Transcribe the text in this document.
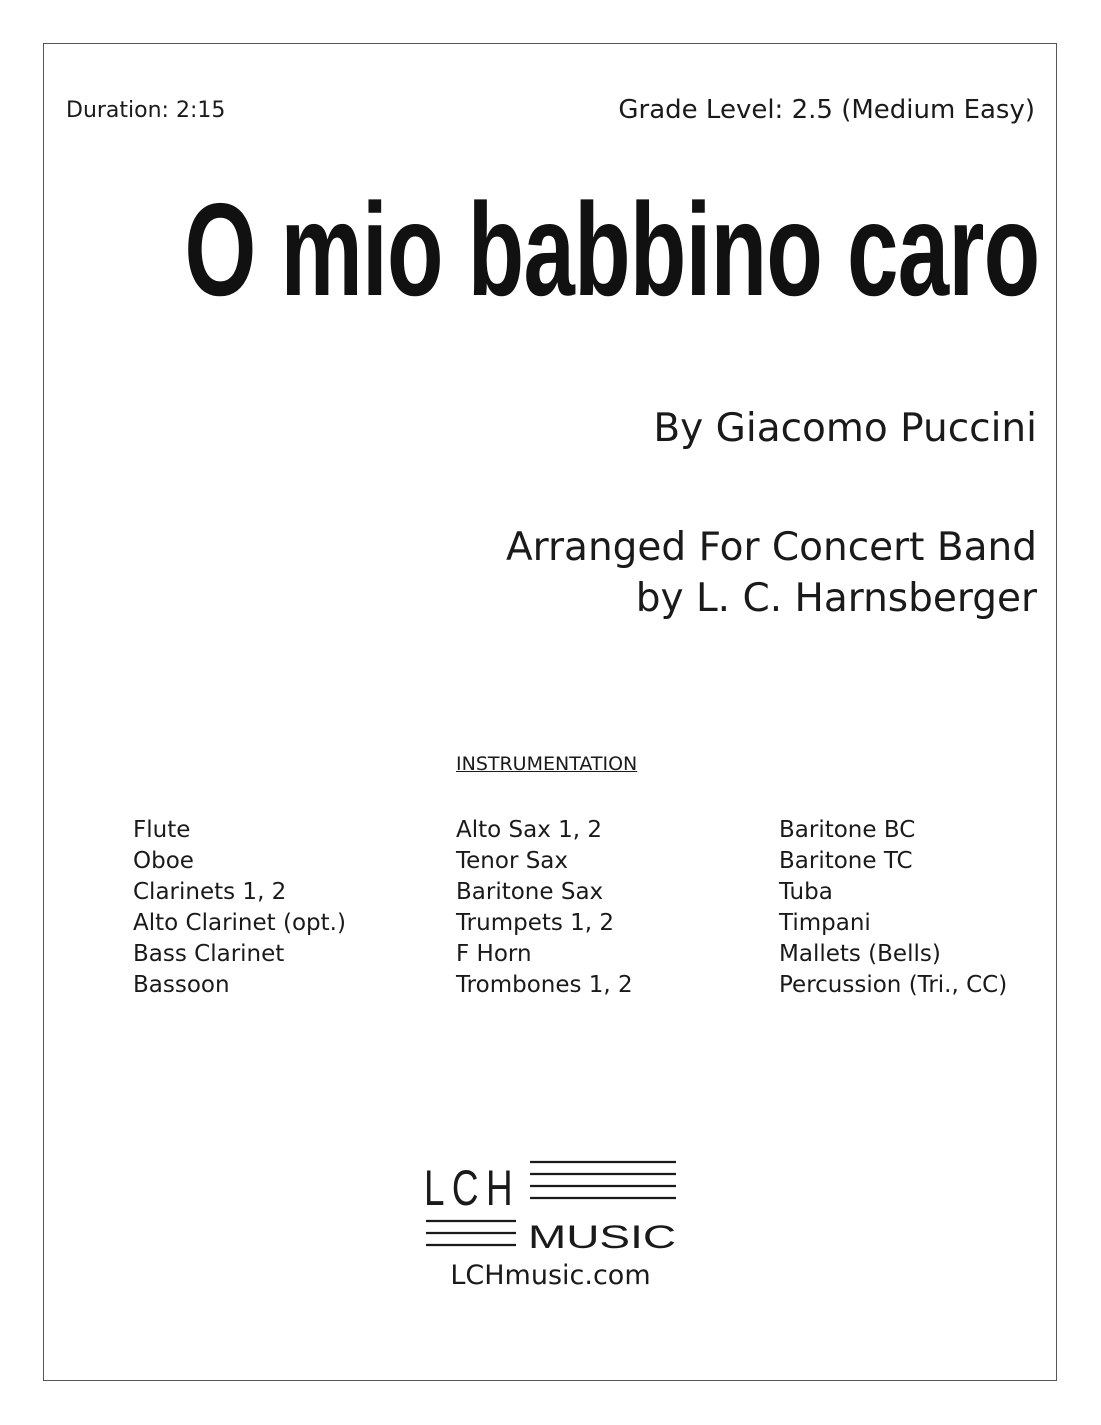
Duration: 2:15	Grade Level: 2.5 (Medium Easy)
O mio babbino caro
By Giacomo Puccini
Arranged For Concert Band
by L. C. Harnsberger
INSTRUMENTATION
Flute
Oboe
Clarinets 1, 2
Alto Clarinet (opt.)
Bass Clarinet
Bassoon
Alto Sax 1, 2
Tenor Sax
Baritone Sax
Trumpets 1, 2
F Horn
Trombones 1, 2
Baritone BC
Baritone TC
Tuba
Timpani
Mallets (Bells)
Percussion (Tri., CC)
LCH
MUSIC
LCHmusic.com
